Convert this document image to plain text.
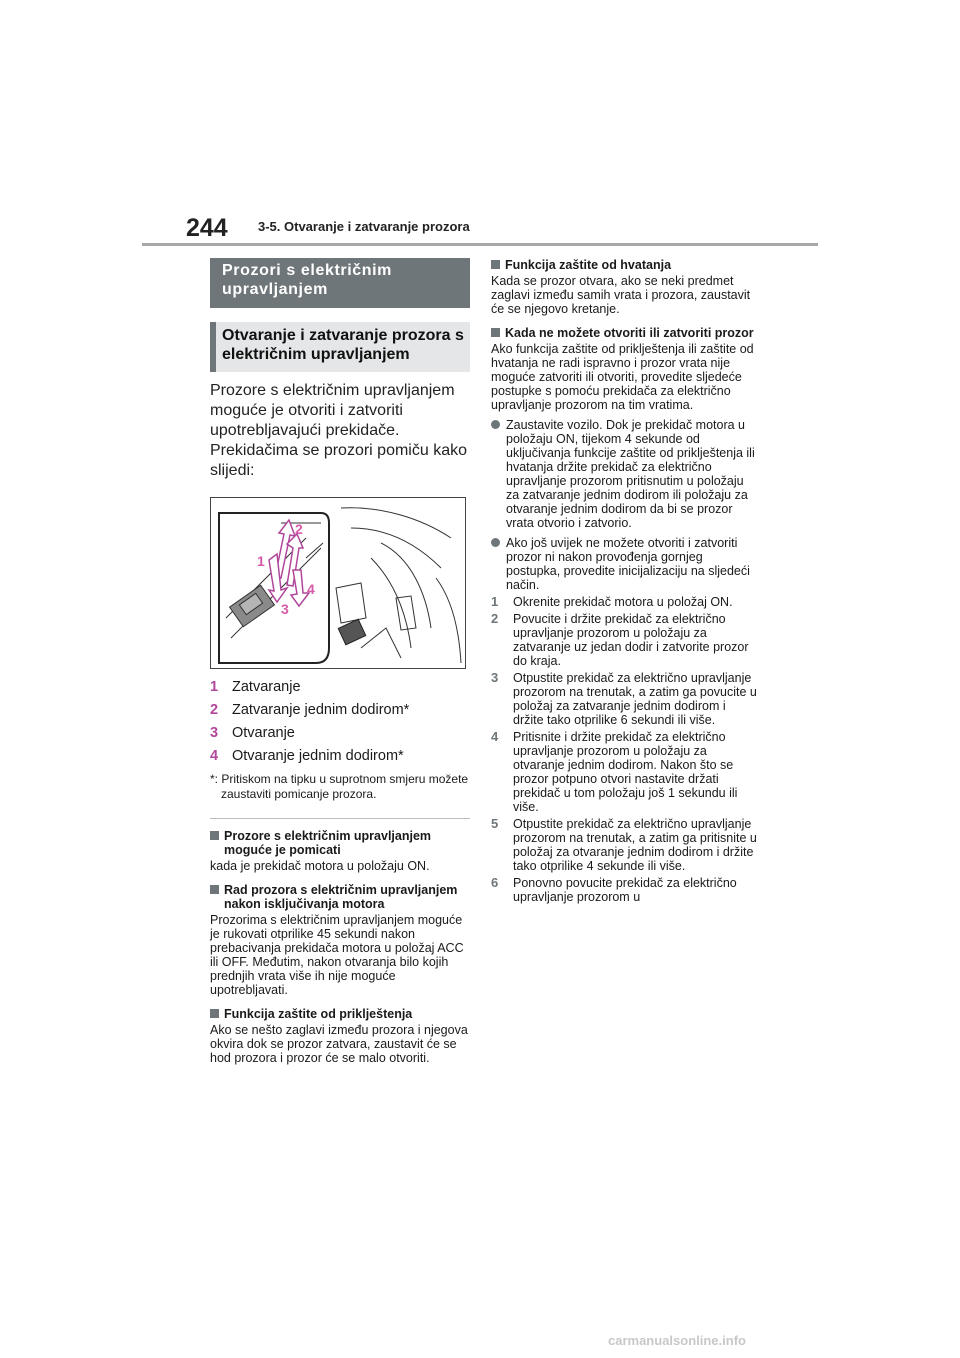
244 3-5. Otvaranje i zatvaranje prozora
Prozori s električnim upravljanjem
Otvaranje i zatvaranje prozora s električnim upravljanjem
Prozore s električnim upravljanjem moguće je otvoriti i zatvoriti upotrebljavajući prekidače. Prekidačima se prozori pomiču kako slijedi:
1
2
3
4
1 Zatvaranje
2 Zatvaranje jednim dodirom*
3 Otvaranje
4 Otvaranje jednim dodirom*
*: Pritiskom na tipku u suprotnom smjeru možete zaustaviti pomicanje prozora.
Prozore s električnim upravljanjem moguće je pomicati
kada je prekidač motora u položaju ON.
Rad prozora s električnim upravljanjem nakon isključivanja motora
Prozorima s električnim upravljanjem moguće je rukovati otprilike 45 sekundi nakon prebacivanja prekidača motora u položaj ACC ili OFF. Međutim, nakon otvaranja bilo kojih prednjih vrata više ih nije moguće upotrebljavati.
Funkcija zaštite od priklještenja
Ako se nešto zaglavi između prozora i njegova okvira dok se prozor zatvara, zaustavit će se hod prozora i prozor će se malo otvoriti.
Funkcija zaštite od hvatanja
Kada se prozor otvara, ako se neki predmet zaglavi između samih vrata i prozora, zaustavit će se njegovo kretanje.
Kada ne možete otvoriti ili zatvoriti prozor
Ako funkcija zaštite od priklještenja ili zaštite od hvatanja ne radi ispravno i prozor vrata nije moguće zatvoriti ili otvoriti, provedite sljedeće postupke s pomoću prekidača za električno upravljanje prozorom na tim vratima.
Zaustavite vozilo. Dok je prekidač motora u položaju ON, tijekom 4 sekunde od uključivanja funkcije zaštite od priklještenja ili hvatanja držite prekidač za električno upravljanje prozorom pritisnutim u položaju za zatvaranje jednim dodirom ili položaju za otvaranje jednim dodirom da bi se prozor vrata otvorio i zatvorio.
Ako još uvijek ne možete otvoriti i zatvoriti prozor ni nakon provođenja gornjeg postupka, provedite inicijalizaciju na sljedeći način.
1	Okrenite prekidač motora u položaj ON.
2	Povucite i držite prekidač za električno upravljanje prozorom u položaju za zatvaranje uz jedan dodir i zatvorite prozor do kraja.
3	Otpustite prekidač za električno upravljanje prozorom na trenutak, a zatim ga povucite u položaj za zatvaranje jednim dodirom i držite tako otprilike 6 sekundi ili više.
4	Pritisnite i držite prekidač za električno upravljanje prozorom u položaju za otvaranje jednim dodirom. Nakon što se prozor potpuno otvori nastavite držati prekidač u tom položaju još 1 sekundu ili više.
5	Otpustite prekidač za električno upravljanje prozorom na trenutak, a zatim ga pritisnite u položaj za otvaranje jednim dodirom i držite tako otprilike 4 sekunde ili više.
6	Ponovno povucite prekidač za električno upravljanje prozorom u
carmanualsonline.info
